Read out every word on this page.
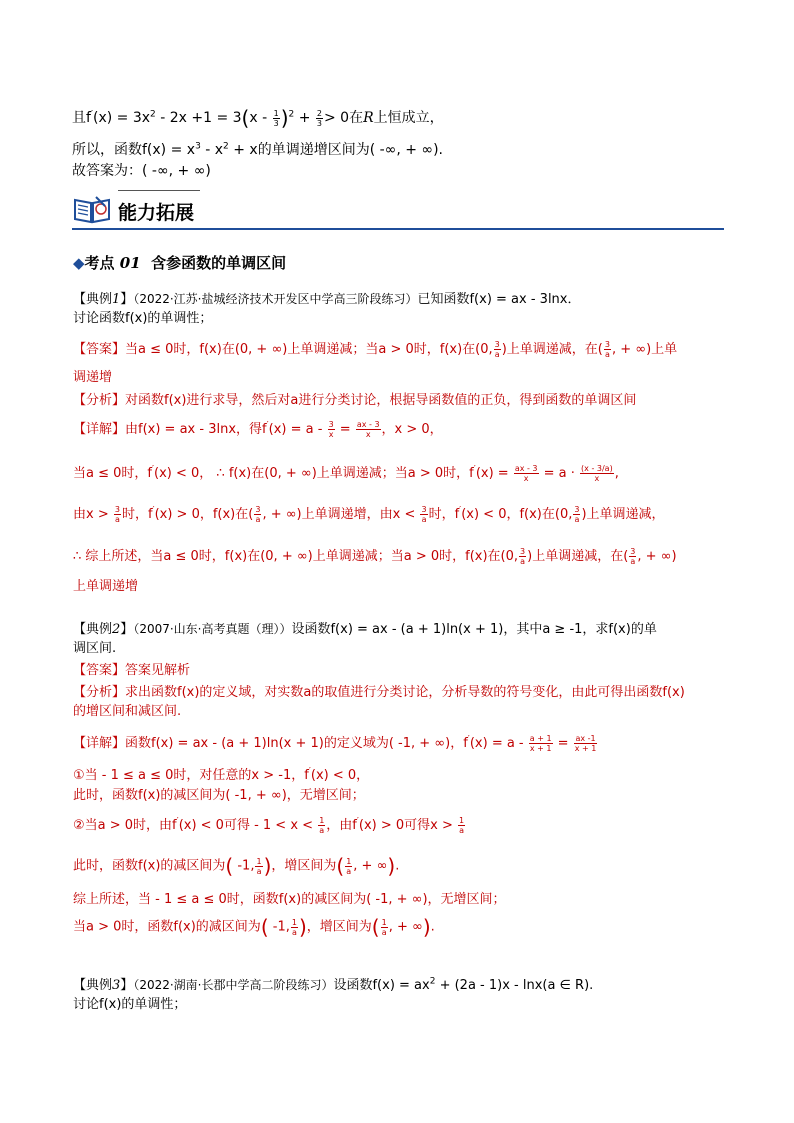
且$f'(x) = 3x^2 - 2x +1 = 3(x - \frac{1}{3} )^2 + \frac{2}{3} > 0$在R上恒成立，
所以，函数$f(x) = x^3 - x^2 + x$的单调递增区间为( -∞, + ∞).
故答案为：( -∞, + ∞)
能力拓展
◆考点 01 含参函数的单调区间
【典例1】（2022·江苏·盐城经济技术开发区中学高三阶段练习）已知函数f(x) = ax - 3lnx．
讨论函数f(x)的单调性；
【答案】当a ≤ 0时，f(x)在(0, + ∞)上单调递减；当a > 0时，f(x)在(0, $\frac{3}{a}$ )上单调递减，在( $\frac{3}{a}$ , + ∞)上单
调递增
【分析】对函数f(x)进行求导，然后对a进行分类讨论，根据导函数值的正负，得到函数的单调区间
【详解】由f(x) = ax - 3lnx，得$f'(x) = a - \frac{3}{x} = \frac{ax - 3}{x}$ ，x > 0，
当a ≤ 0时，f′(x) < 0， ∴ f(x)在(0, + ∞)上单调递减；当a > 0时，$f'(x) = \frac{ax - 3}{x} = a \cdot \frac{(x - 3/a)}{x}$ ,
由$x > \frac{3}{a}$ 时，f′(x) > 0，f(x)在( $\frac{3}{a}$ , + ∞)上单调递增，由$x < \frac{3}{a}$ 时，f′(x) < 0，f(x)在(0, $\frac{3}{a}$ )上单调递减，
∴ 综上所述，当a ≤ 0时，f(x)在(0, + ∞)上单调递减；当a > 0时，f(x)在(0, $\frac{3}{a}$ )上单调递减，在( $\frac{3}{a}$ , + ∞)
上单调递增
【典例2】（2007·山东·高考真题（理））设函数f(x) = ax - (a + 1)ln(x + 1)，其中a ≥ -1，求f(x)的单
调区间.
【答案】答案见解析
【分析】求出函数f(x)的定义域，对实数a的取值进行分类讨论，分析导数的符号变化，由此可得出函数f(x)
的增区间和减区间.
【详解】函数f(x) = ax - (a + 1)ln(x + 1)的定义域为( -1, + ∞)，$f'(x) = a - \frac{a + 1}{x + 1} = \frac{ax -1}{x + 1}$
①当 - 1 ≤ a ≤ 0时，对任意的x > -1，f′(x) < 0，
此时，函数f(x)的减区间为( -1, + ∞)，无增区间；
②当a > 0时，由f′(x) < 0可得 - $1 < x < \frac{1}{a}$ ，由f′(x) > 0可得$x > \frac{1}{a}$
此时，函数f(x)的减区间为( -1, $\frac{1}{a}$ )，增区间为( $\frac{1}{a}$ , + ∞).
综上所述，当 - 1 ≤ a ≤ 0时，函数f(x)的减区间为( -1, + ∞)，无增区间；
当a > 0时，函数f(x)的减区间为( -1, $\frac{1}{a}$ )，增区间为( $\frac{1}{a}$ , + ∞).
【典例3】（2022·湖南·长郡中学高二阶段练习）设函数$f(x) = ax^2 + (2a - 1)x - \ln x(a$ ∈ R).
讨论f(x)的单调性；
